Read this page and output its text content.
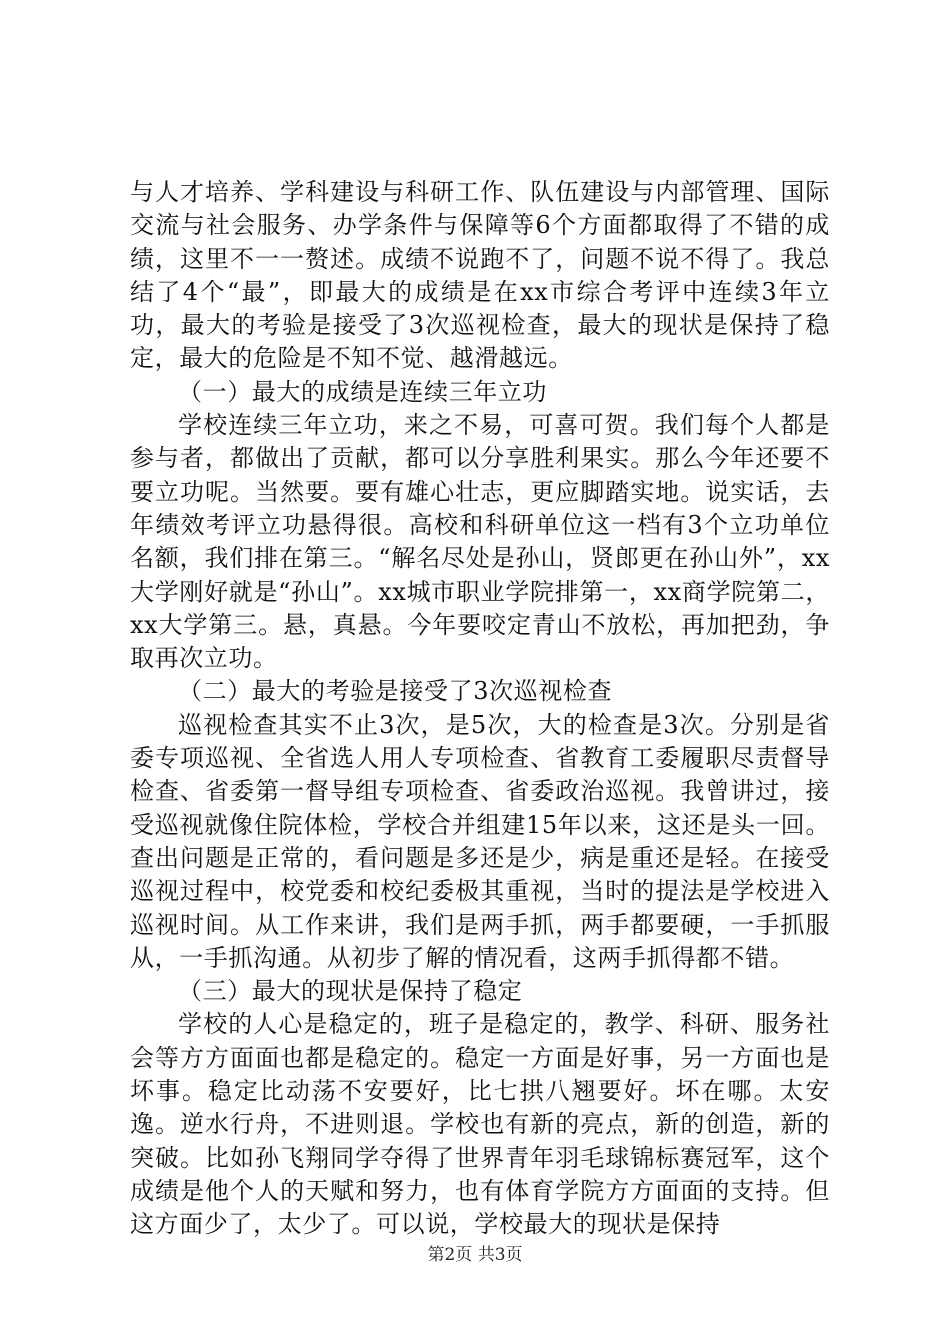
与人才培养、学科建设与科研工作、队伍建设与内部管理、国际交流与社会服务、办学条件与保障等6个方面都取得了不错的成绩，这里不一一赘述。成绩不说跑不了，问题不说不得了。我总结了4个“最”，即最大的成绩是在xx市综合考评中连续3年立功，最大的考验是接受了3次巡视检查，最大的现状是保持了稳定，最大的危险是不知不觉、越滑越远。

（一）最大的成绩是连续三年立功

学校连续三年立功，来之不易，可喜可贺。我们每个人都是参与者，都做出了贡献，都可以分享胜利果实。那么今年还要不要立功呢。当然要。要有雄心壮志，更应脚踏实地。说实话，去年绩效考评立功悬得很。高校和科研单位这一档有3个立功单位名额，我们排在第三。“解名尽处是孙山，贤郎更在孙山外”，xx大学刚好就是“孙山”。xx城市职业学院排第一，xx商学院第二，xx大学第三。悬，真悬。今年要咬定青山不放松，再加把劲，争取再次立功。

（二）最大的考验是接受了3次巡视检查

巡视检查其实不止3次，是5次，大的检查是3次。分别是省委专项巡视、全省选人用人专项检查、省教育工委履职尽责督导检查、省委第一督导组专项检查、省委政治巡视。我曾讲过，接受巡视就像住院体检，学校合并组建15年以来，这还是头一回。查出问题是正常的，看问题是多还是少，病是重还是轻。在接受巡视过程中，校党委和校纪委极其重视，当时的提法是学校进入巡视时间。从工作来讲，我们是两手抓，两手都要硬，一手抓服从，一手抓沟通。从初步了解的情况看，这两手抓得都不错。

（三）最大的现状是保持了稳定

学校的人心是稳定的，班子是稳定的，教学、科研、服务社会等方方面面也都是稳定的。稳定一方面是好事，另一方面也是坏事。稳定比动荡不安要好，比七拱八翘要好。坏在哪。太安逸。逆水行舟，不进则退。学校也有新的亮点，新的创造，新的突破。比如孙飞翔同学夺得了世界青年羽毛球锦标赛冠军，这个成绩是他个人的天赋和努力，也有体育学院方方面面的支持。但这方面少了，太少了。可以说，学校最大的现状是保持

第2页 共3页
